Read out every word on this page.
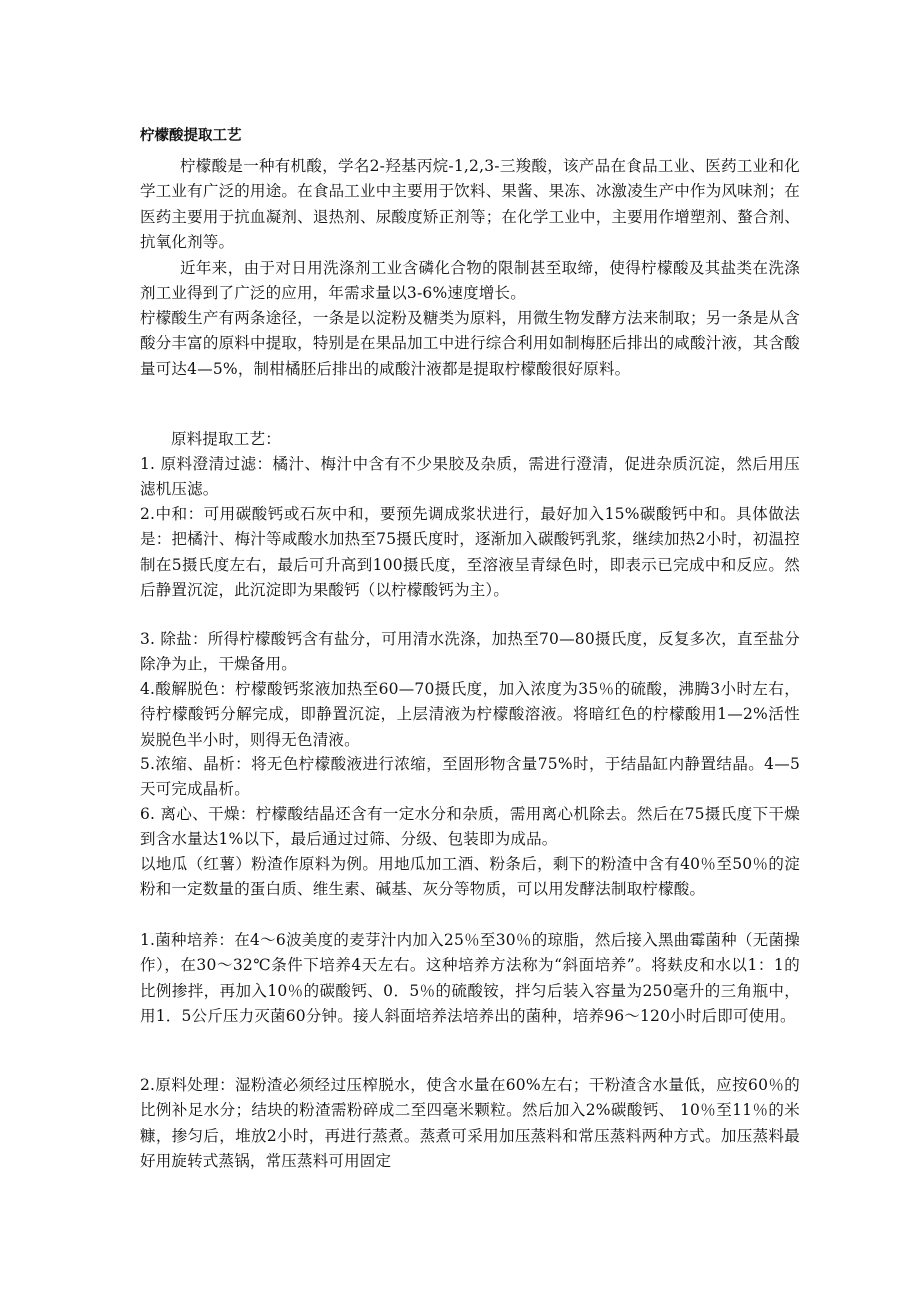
柠檬酸提取工艺

柠檬酸是一种有机酸，学名2-羟基丙烷-1,2,3-三羧酸，该产品在食品工业、医药工业和化学工业有广泛的用途。在食品工业中主要用于饮料、果酱、果冻、冰激凌生产中作为风味剂；在医药主要用于抗血凝剂、退热剂、尿酸度矫正剂等；在化学工业中，主要用作增塑剂、螯合剂、抗氧化剂等。

近年来，由于对日用洗涤剂工业含磷化合物的限制甚至取缔，使得柠檬酸及其盐类在洗涤剂工业得到了广泛的应用，年需求量以3-6%速度增长。

柠檬酸生产有两条途径，一条是以淀粉及糖类为原料，用微生物发酵方法来制取；另一条是从含酸分丰富的原料中提取，特别是在果品加工中进行综合利用如制梅胚后排出的咸酸汁液，其含酸量可达4—5%，制柑橘胚后排出的咸酸汁液都是提取柠檬酸很好原料。

原料提取工艺：

1. 原料澄清过滤：橘汁、梅汁中含有不少果胶及杂质，需进行澄清，促进杂质沉淀，然后用压滤机压滤。

2.中和：可用碳酸钙或石灰中和，要预先调成浆状进行，最好加入15%碳酸钙中和。具体做法是：把橘汁、梅汁等咸酸水加热至75摄氏度时，逐渐加入碳酸钙乳浆，继续加热2小时，初温控制在5摄氏度左右，最后可升高到100摄氏度，至溶液呈青绿色时，即表示已完成中和反应。然后静置沉淀，此沉淀即为果酸钙（以柠檬酸钙为主）。

3. 除盐：所得柠檬酸钙含有盐分，可用清水洗涤，加热至70—80摄氏度，反复多次，直至盐分除净为止，干燥备用。

4.酸解脱色：柠檬酸钙浆液加热至60—70摄氏度，加入浓度为35％的硫酸，沸腾3小时左右，待柠檬酸钙分解完成，即静置沉淀，上层清液为柠檬酸溶液。将暗红色的柠檬酸用1—2%活性炭脱色半小时，则得无色清液。

5.浓缩、晶析：将无色柠檬酸液进行浓缩，至固形物含量75%时，于结晶缸内静置结晶。4—5天可完成晶析。

6. 离心、干燥：柠檬酸结晶还含有一定水分和杂质，需用离心机除去。然后在75摄氏度下干燥到含水量达1%以下，最后通过过筛、分级、包装即为成品。

以地瓜（红薯）粉渣作原料为例。用地瓜加工酒、粉条后，剩下的粉渣中含有40％至50％的淀粉和一定数量的蛋白质、维生素、碱基、灰分等物质，可以用发酵法制取柠檬酸。

1.菌种培养：在4～6波美度的麦芽汁内加入25％至30％的琼脂，然后接入黑曲霉菌种（无菌操作），在30～32℃条件下培养4天左右。这种培养方法称为“斜面培养”。将麸皮和水以1：1的比例掺拌，再加入10％的碳酸钙、0．5％的硫酸铵，拌匀后装入容量为250毫升的三角瓶中，用1．5公斤压力灭菌60分钟。接人斜面培养法培养出的菌种，培养96～120小时后即可使用。

2.原料处理：湿粉渣必须经过压榨脱水，使含水量在60%左右；干粉渣含水量低，应按60％的比例补足水分；结块的粉渣需粉碎成二至四毫米颗粒。然后加入2%碳酸钙、 10％至11％的米糠，掺匀后，堆放2小时，再进行蒸煮。蒸煮可采用加压蒸料和常压蒸料两种方式。加压蒸料最好用旋转式蒸锅，常压蒸料可用固定
